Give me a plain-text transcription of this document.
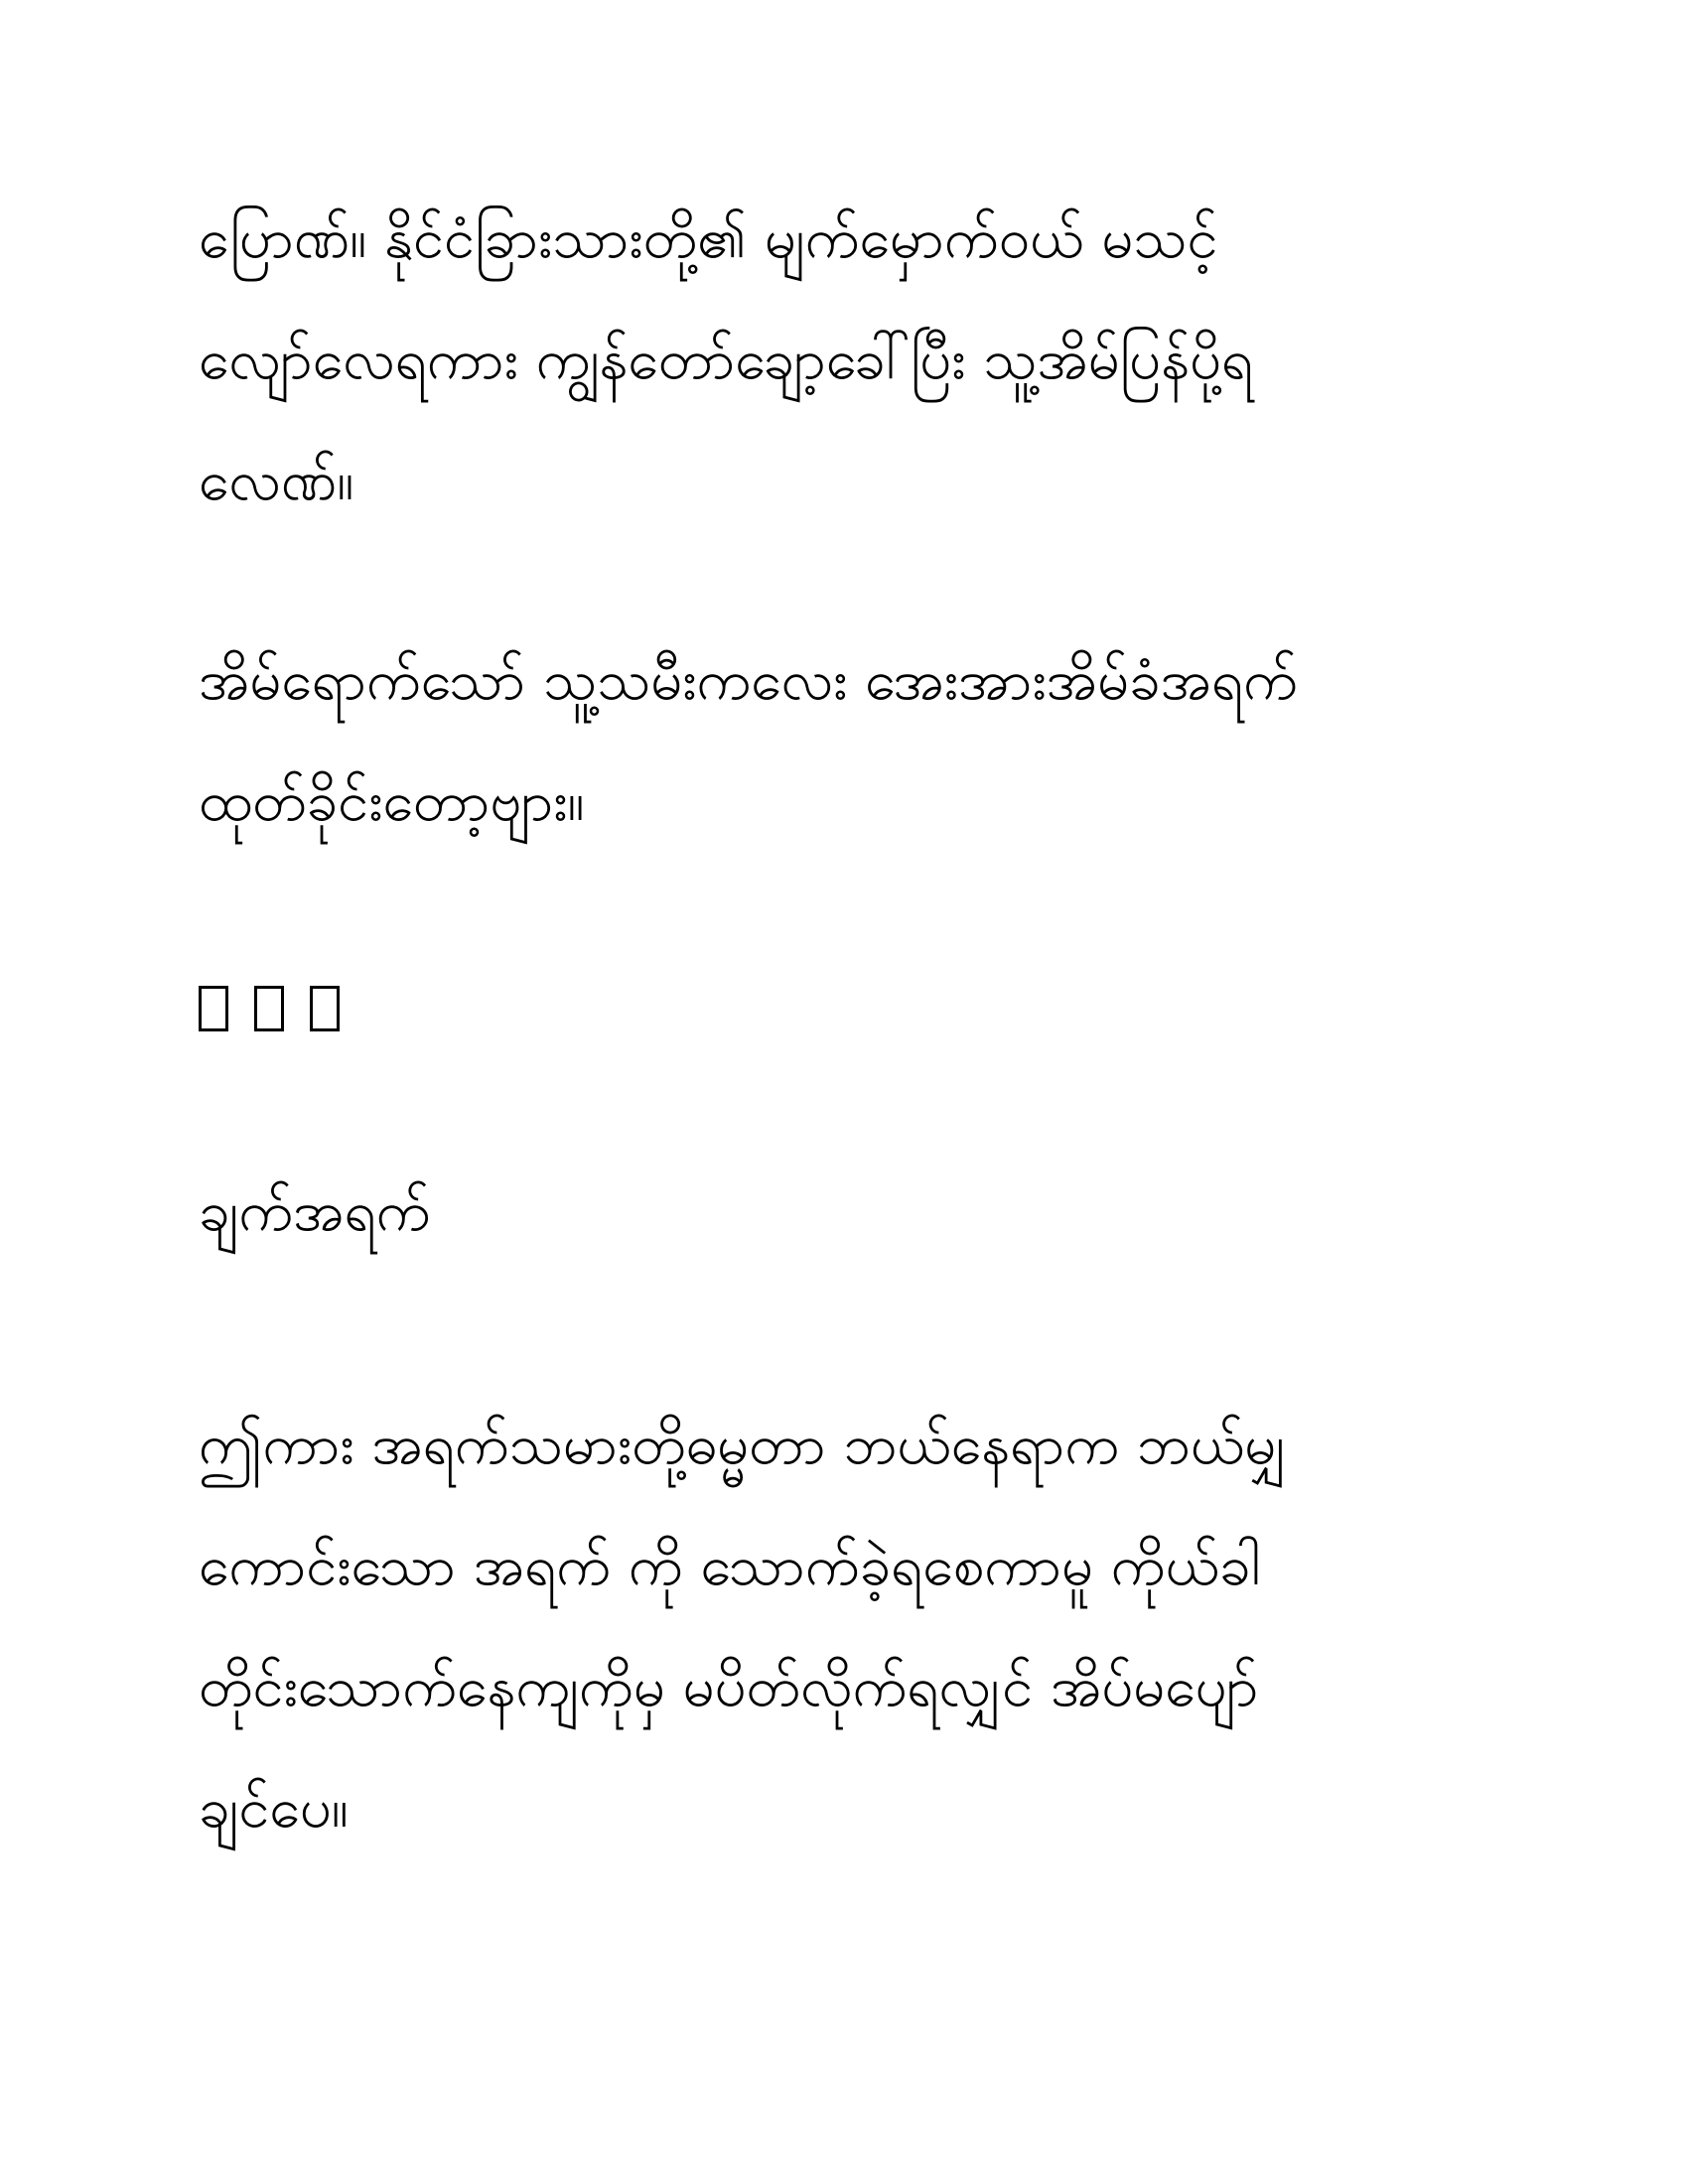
ပြောဏ်။ နိုင်ငံခြားသားတို့၏ မျက်မှောက်ဝယ် မသင့်
လျော်လေရကား ကျွန်တော်ချော့ခေါ်ပြီး သူ့အိမ်ပြန်ပို့ရ
လေဏ်။

အိမ်ရောက်သော် သူ့သမီးကလေး အေးအားအိမ်ခံအရက်
ထုတ်ခိုင်းတော့ဗျား။

ချက်အရက်

ဤကား အရက်သမားတို့ဓမ္မတာ ဘယ်နေရာက ဘယ်မျှ
ကောင်းသော အရက် ကို သောက်ခဲ့ရစေကာမူ ကိုယ်ခါ
တိုင်းသောက်နေကျကိုမှ မပိတ်လိုက်ရလျှင် အိပ်မပျော်
ချင်ပေ။
